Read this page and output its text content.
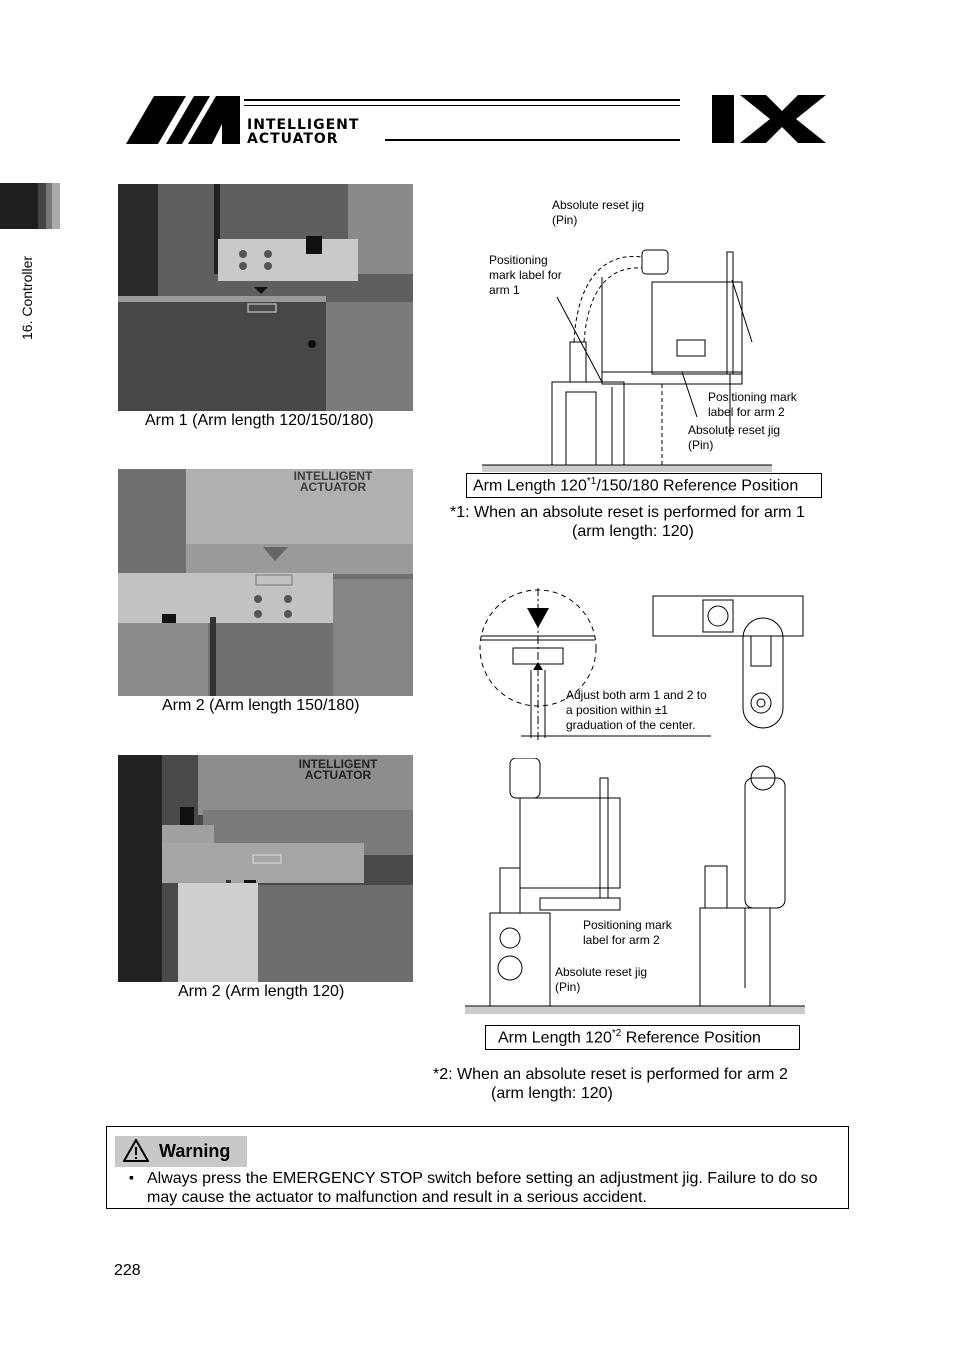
INTELLIGENT
ACTUATOR
16. Controller
Arm 1 (Arm length 120/150/180)
INTELLIGENT ACTUATOR
Arm 2 (Arm length 150/180)
INTELLIGENT ACTUATOR
Arm 2 (Arm length 120)
Absolute reset jig (Pin)
Positioning mark label for arm 1
Positioning mark label for arm 2
Absolute reset jig (Pin)
Arm Length 120$^{*1}$/150/180 Reference Position
*1: When an absolute reset is performed for arm 1
(arm length: 120)
Adjust both arm 1 and 2 to a position within ±1 graduation of the center.
Positioning mark label for arm 2
Absolute reset jig (Pin)
Arm Length 120$^{*2}$ Reference Position
*2: When an absolute reset is performed for arm 2
(arm length: 120)
Warning
▪ Always press the EMERGENCY STOP switch before setting an adjustment jig. Failure to do so may cause the actuator to malfunction and result in a serious accident.
228
